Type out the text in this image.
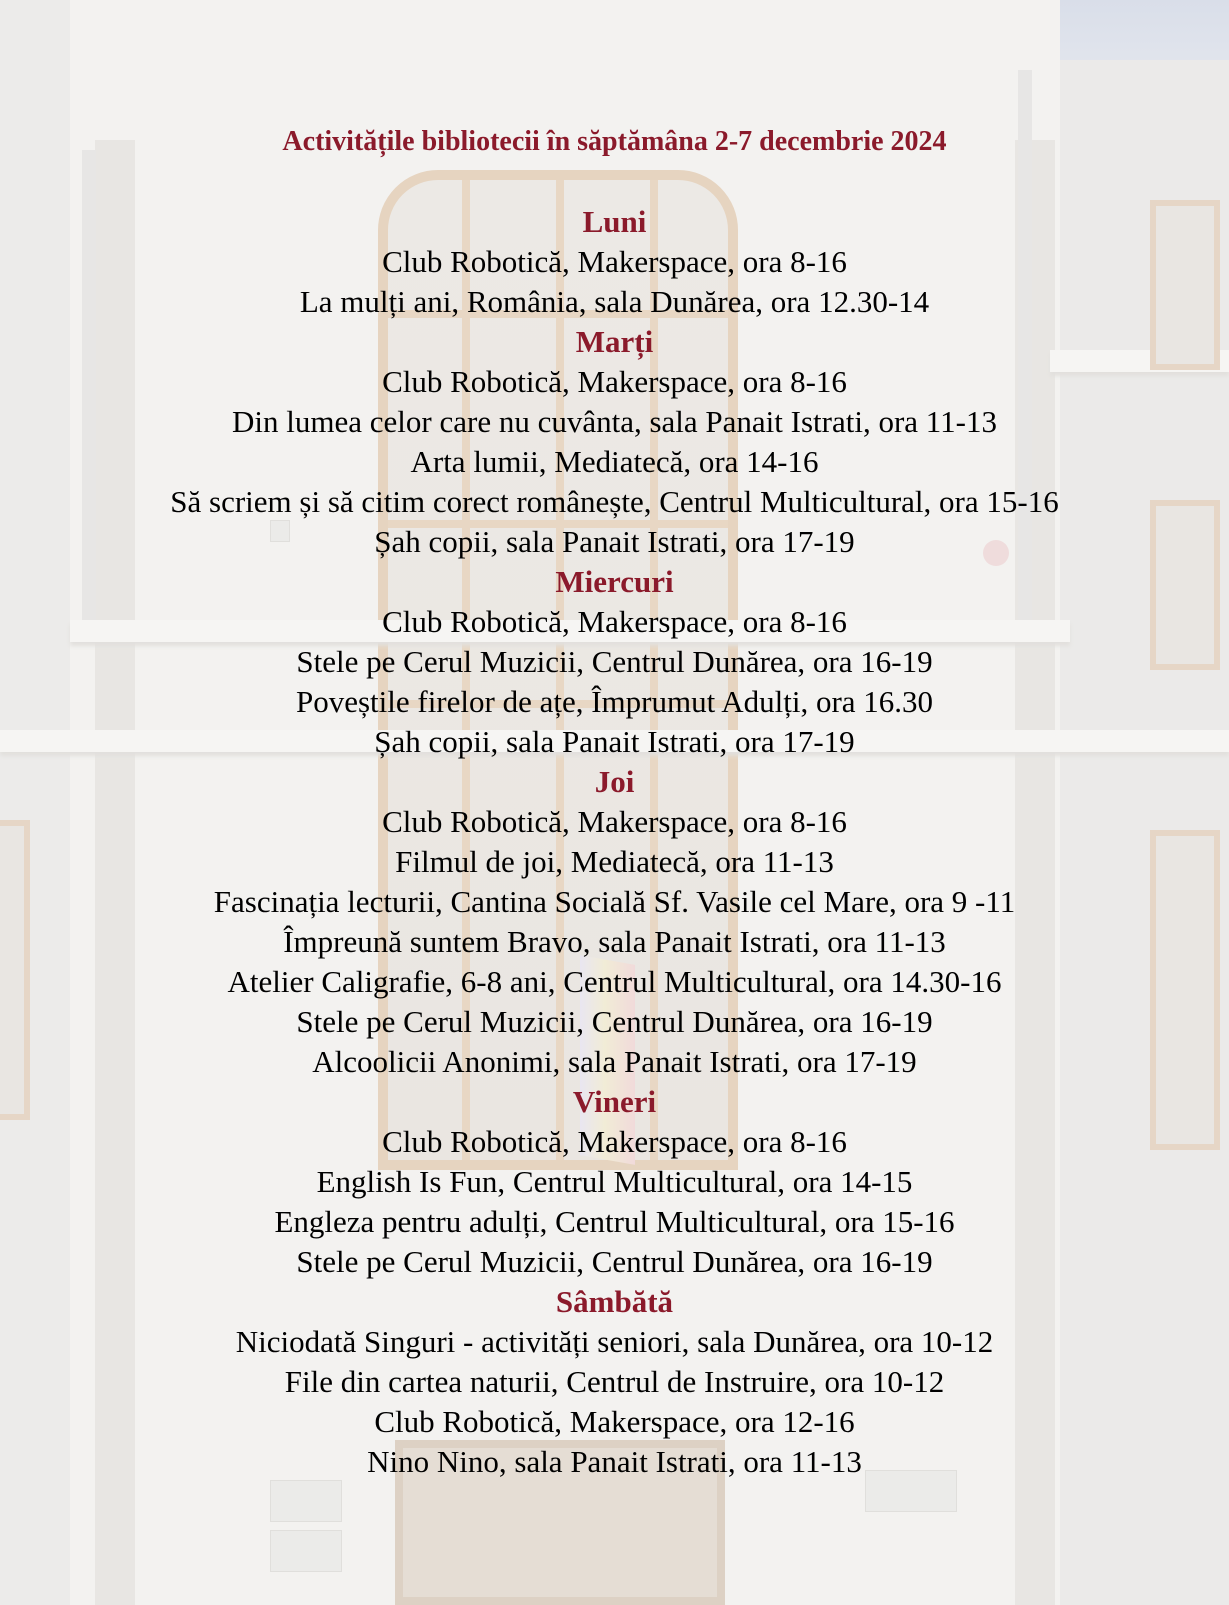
Activitățile bibliotecii în săptămâna 2-7 decembrie 2024
Luni

Club Robotică, Makerspace, ora 8-16

La mulți ani, România, sala Dunărea, ora 12.30-14

Marți

Club Robotică, Makerspace, ora 8-16

Din lumea celor care nu cuvânta, sala Panait Istrati, ora 11-13

Arta lumii, Mediatecă, ora 14-16

Să scriem și să citim corect românește, Centrul Multicultural, ora 15-16

Șah copii, sala Panait Istrati, ora 17-19

Miercuri

Club Robotică, Makerspace, ora 8-16

Stele pe Cerul Muzicii, Centrul Dunărea, ora 16-19

Poveștile firelor de ațe, Împrumut Adulți, ora 16.30

Șah copii, sala Panait Istrati, ora 17-19

Joi

Club Robotică, Makerspace, ora 8-16

Filmul de joi, Mediatecă, ora 11-13

Fascinația lecturii, Cantina Socială Sf. Vasile cel Mare, ora 9 -11

Împreună suntem Bravo, sala Panait Istrati, ora 11-13

Atelier Caligrafie, 6-8 ani, Centrul Multicultural, ora 14.30-16

Stele pe Cerul Muzicii, Centrul Dunărea, ora 16-19

Alcoolicii Anonimi, sala Panait Istrati, ora 17-19

Vineri

Club Robotică, Makerspace, ora 8-16

English Is Fun, Centrul Multicultural, ora 14-15

Engleza pentru adulți, Centrul Multicultural, ora 15-16

Stele pe Cerul Muzicii, Centrul Dunărea, ora 16-19

Sâmbătă

Niciodată Singuri - activități seniori, sala Dunărea, ora 10-12

File din cartea naturii, Centrul de Instruire, ora 10-12

Club Robotică, Makerspace, ora 12-16

Nino Nino, sala Panait Istrati, ora 11-13
